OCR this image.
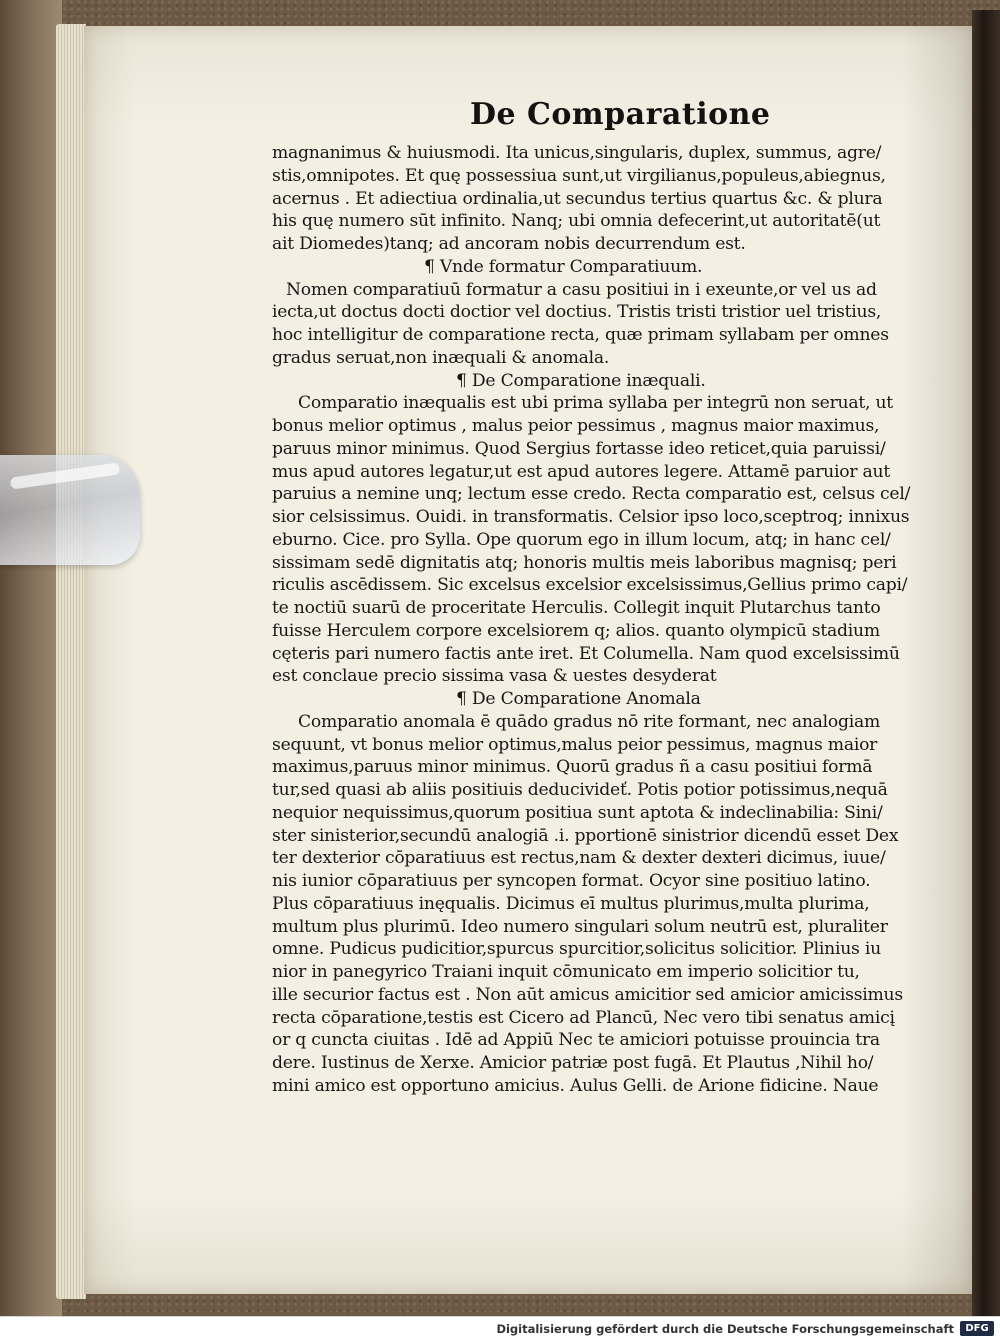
De Comparatione
magnanimus & huiusmodi. Ita unicus,singularis, duplex, summus, agre/
stis,omnipotes. Et quę possessiua sunt,ut virgilianus,populeus,abiegnus,
acernus . Et adiectiua ordinalia,ut secundus tertius quartus &c. & plura
his quę numero sūt infinito. Nanq; ubi omnia defecerint,ut autoritatē(ut
ait Diomedes)tanq; ad ancoram nobis decurrendum est.
¶ Vnde formatur Comparatiuum.
Nomen comparatiuū formatur a casu positiui in i exeunte,or vel us ad
iecta,ut doctus docti doctior vel doctius. Tristis tristi tristior uel tristius,
hoc intelligitur de comparatione recta, quæ primam syllabam per omnes
gradus seruat,non inæquali & anomala.
¶ De Comparatione inæquali.
Comparatio inæqualis est ubi prima syllaba per integrū non seruat, ut
bonus melior optimus , malus peior pessimus , magnus maior maximus,
paruus minor minimus. Quod Sergius fortasse ideo reticet,quia paruissi/
mus apud autores legatur,ut est apud autores legere. Attamē paruior aut
paruius a nemine unq; lectum esse credo. Recta comparatio est, celsus cel/
sior celsissimus. Ouidi. in transformatis. Celsior ipso loco,sceptroq; innixus
eburno. Cice. pro Sylla. Ope quorum ego in illum locum, atq; in hanc cel/
sissimam sedē dignitatis atq; honoris multis meis laboribus magnisq; peri
riculis ascēdissem. Sic excelsus excelsior excelsissimus,Gellius primo capi/
te noctiū suarū de proceritate Herculis. Collegit inquit Plutarchus tanto
fuisse Herculem corpore excelsiorem q; alios. quanto olympicū stadium
cęteris pari numero factis ante iret. Et Columella. Nam quod excelsissimū
est conclaue precio sissima vasa & uestes desyderat
¶ De Comparatione Anomala
Comparatio anomala ē quādo gradus nō rite formant, nec analogiam
sequunt, vt bonus melior optimus,malus peior pessimus, magnus maior
maximus,paruus minor minimus. Quorū gradus ñ a casu positiui formā
tur,sed quasi ab aliis positiuis deducivideť. Potis potior potissimus,nequā
nequior nequissimus,quorum positiua sunt aptota & indeclinabilia: Sini/
ster sinisterior,secundū analogiā .i. pportionē sinistrior dicendū esset Dex
ter dexterior cōparatiuus est rectus,nam & dexter dexteri dicimus, iuue/
nis iunior cōparatiuus per syncopen format. Ocyor sine positiuo latino.
Plus cōparatiuus inęqualis. Dicimus eī multus plurimus,multa plurima,
multum plus plurimū. Ideo numero singulari solum neutrū est, pluraliter
omne. Pudicus pudicitior,spurcus spurcitior,solicitus solicitior. Plinius iu
nior in panegyrico Traiani inquit cōmunicato em imperio solicitior tu,
ille securior factus est . Non aūt amicus amicitior sed amicior amicissimus
recta cōparatione,testis est Cicero ad Plancū, Nec vero tibi senatus amicį
or q cuncta ciuitas . Idē ad Appiū Nec te amiciori potuisse prouincia tra
dere. Iustinus de Xerxe. Amicior patriæ post fugā. Et Plautus ,Nihil ho/
mini amico est opportuno amicius. Aulus Gelli. de Arione fidicine. Naue
Digitalisierung gefördert durch die Deutsche Forschungsgemeinschaft	DFG
